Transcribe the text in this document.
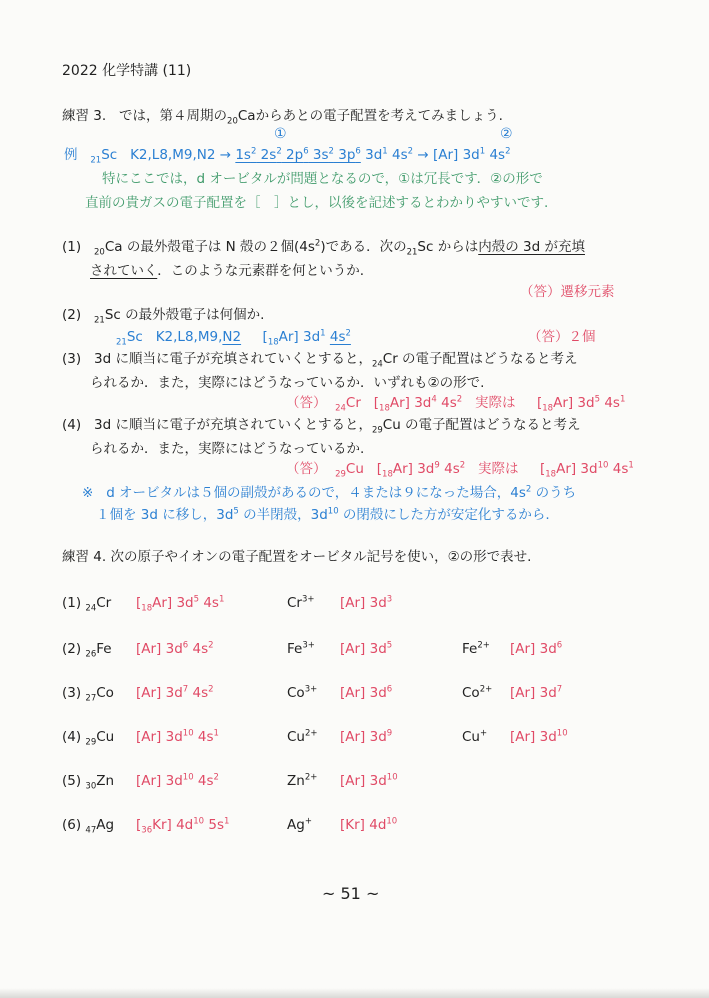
2022 化学特講 (11)
練習 3. では，第４周期の$_{20}$Caからあとの電子配置を考えてみましょう.
①	②
例 $_{21}$Sc $K2,L8,M9,N2 \to 1s^2$ $2s^2$ $2p^6$ $3s^2$ $3p^6$ $3d^1$ $4s^2 \to [Ar]$ $3d^1$ $4s^2$
特にここでは，d オービタルが問題となるので，①は冗長です．②の形で
直前の貴ガスの電子配置を［　］とし，以後を記述するとわかりやすいです.
(1) $_{20}$Ca の最外殻電子は N 殻の２個$(4s^2)$である．次の$_{21}$Sc からは内殻の 3d が充填
されていく．このような元素群を何というか.
（答）遷移元素
(2) $_{21}$Sc の最外殻電子は何個か.
$_{21}$Sc K2,L8,M9,N2     $[_{18}Ar]$ $3d^1$ $4s^2$	（答）２個
(3) 3d に順当に電子が充填されていくとすると，$_{24}$Cr の電子配置はどうなると考え
られるか．また，実際にはどうなっているか．いずれも②の形で.
（答） $_{24}$Cr   $[_{18}Ar]$ $3d^4$ $4s^2$ 実際は     $[_{18}Ar]$ $3d^5$ $4s^1$
(4) 3d に順当に電子が充填されていくとすると，$_{29}$Cu の電子配置はどうなると考え
られるか．また，実際にはどうなっているか.
（答） $_{29}$Cu   $[_{18}Ar]$ $3d^9$ $4s^2$ 実際は     $[_{18}Ar]$ $3d^{10}$ $4s^1$
※ d オービタルは５個の副殻があるので，４または９になった場合，$4s^2$ のうち
１個を 3d に移し，$3d^5$ の半閉殻，$3d^{10}$ の閉殻にした方が安定化するから.
練習 4. 次の原子やイオンの電子配置をオービタル記号を使い，②の形で表せ.
(1) $_{24}$Cr $[_{18}Ar]$ $3d^5$ $4s^1$	$Cr^{3+}$ [Ar] $3d^3$
(2) $_{26}$Fe [Ar] $3d^6$ $4s^2$	$Fe^{3+}$ [Ar] $3d^5$	$Fe^{2+}$ [Ar] $3d^6$
(3) $_{27}$Co [Ar] $3d^7$ $4s^2$	$Co^{3+}$ [Ar] $3d^6$	$Co^{2+}$ [Ar] $3d^7$
(4) $_{29}$Cu [Ar] $3d^{10}$ $4s^1$	$Cu^{2+}$ [Ar] $3d^9$	Cu+ [Ar] $3d^{10}$
(5) $_{30}$Zn [Ar] $3d^{10}$ $4s^2$	$Zn^{2+}$ [Ar] $3d^{10}$
(6) $_{47}$Ag $[_{36}Kr]$ $4d^{10}$ $5s^1$	Ag+ [Kr] $4d^{10}$
~ 51 ~
